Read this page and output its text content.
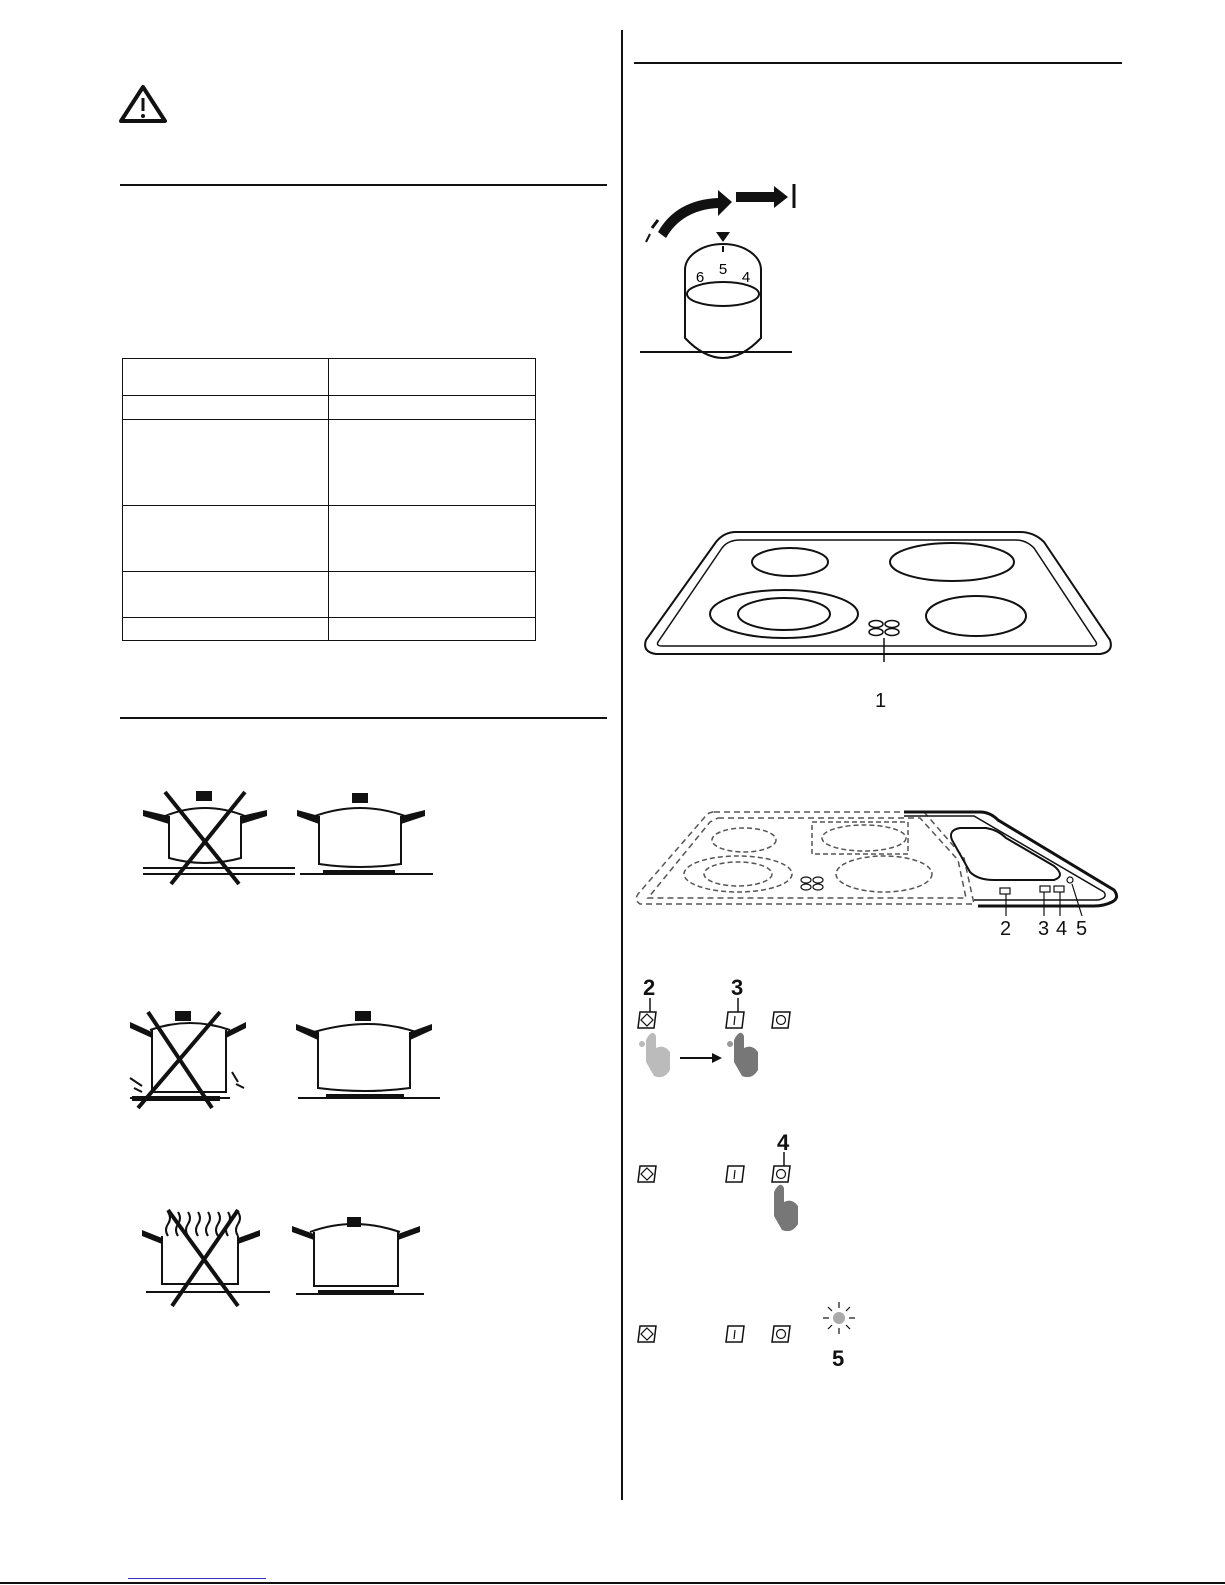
5
6	4
1
2 3 4 5
2	3
4
5
